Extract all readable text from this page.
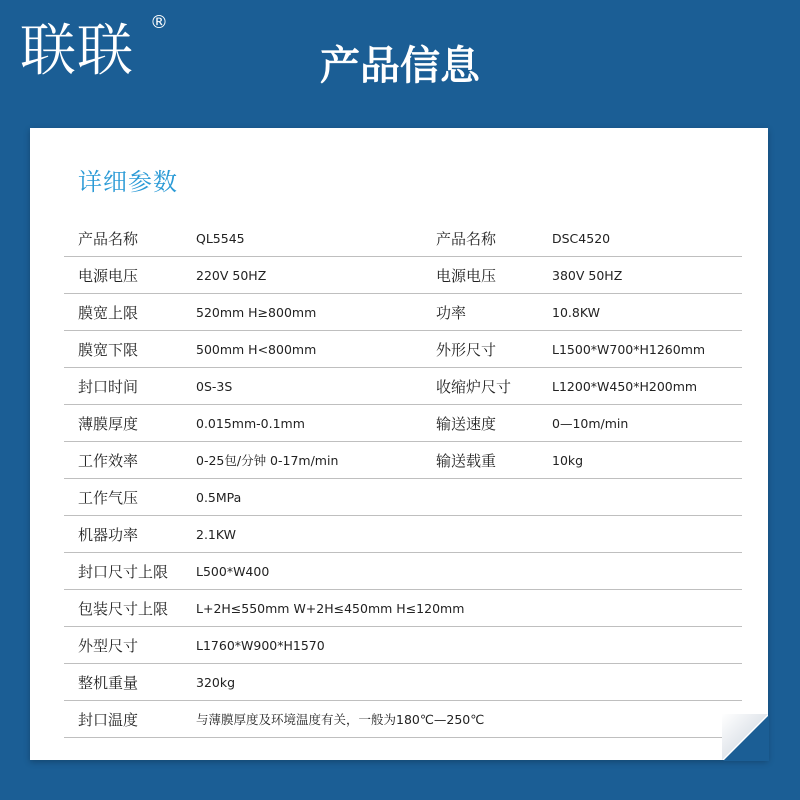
联联 ®
产品信息
详细参数
产品名称	QL5545	产品名称	DSC4520
电源电压	220V 50HZ	电源电压	380V 50HZ
膜宽上限	520mm H≥800mm	功率	10.8KW
膜宽下限	500mm H<800mm	外形尺寸	L1500*W700*H1260mm
封口时间	0S-3S	收缩炉尺寸	L1200*W450*H200mm
薄膜厚度	0.015mm-0.1mm	输送速度	0—10m/min
工作效率	0-25包/分钟 0-17m/min	输送载重	10kg
工作气压	0.5MPa		
机器功率	2.1KW		
封口尺寸上限	L500*W400		
包装尺寸上限	L+2H≤550mm W+2H≤450mm H≤120mm		
外型尺寸	L1760*W900*H1570		
整机重量	320kg		
封口温度	与薄膜厚度及环境温度有关，一般为180℃—250℃		
